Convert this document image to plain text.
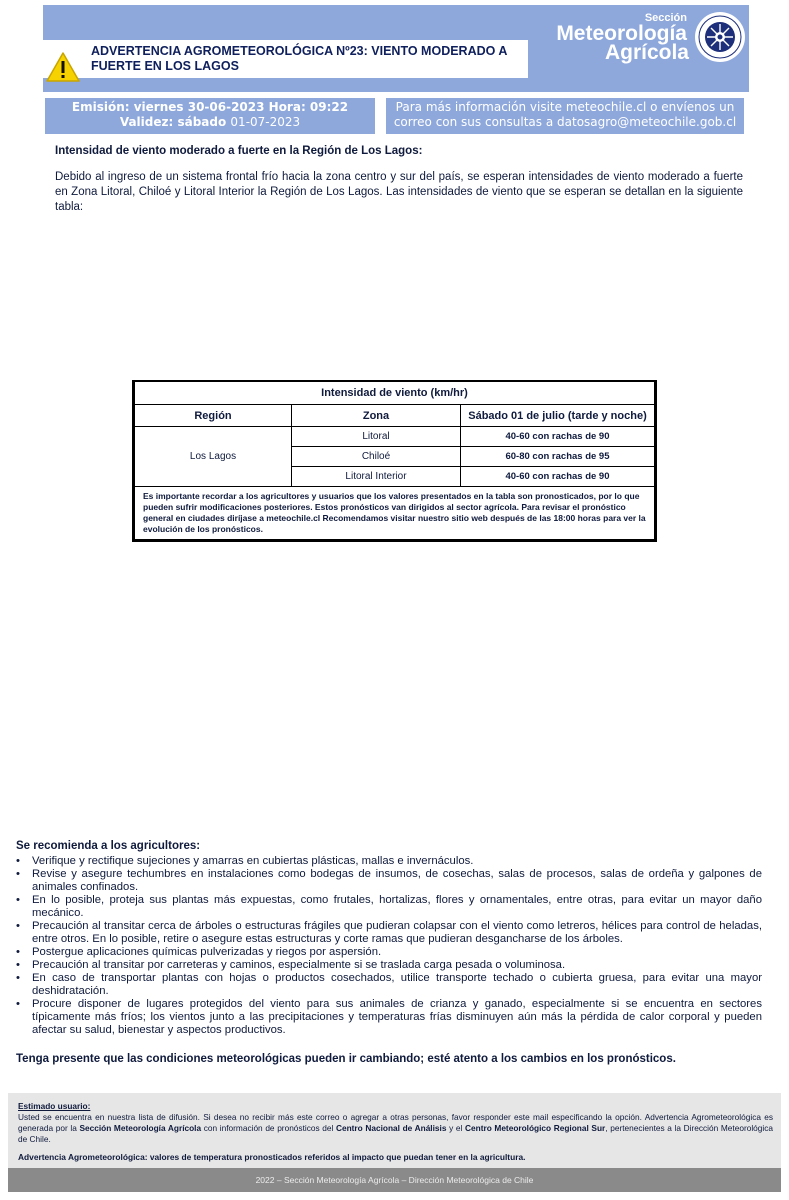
ADVERTENCIA AGROMETEOROLÓGICA Nº23: VIENTO MODERADO A FUERTE EN LOS LAGOS
Sección
Meteorología
Agrícola
Emisión: viernes 30-06-2023 Hora: 09:22
Validez: sábado 01-07-2023
Para más información visite meteochile.cl o envíenos un
correo con sus consultas a datosagro@meteochile.gob.cl
Intensidad de viento moderado a fuerte en la Región de Los Lagos:
Debido al ingreso de un sistema frontal frío hacia la zona centro y sur del país, se esperan intensidades de viento moderado a fuerte en Zona Litoral, Chiloé y Litoral Interior la Región de Los Lagos. Las intensidades de viento que se esperan se detallan en la siguiente tabla:
Intensidad de viento (km/hr)		
Región	Zona	Sábado 01 de julio (tarde y noche)
Los Lagos	Litoral	40-60 con rachas de 90
	Chiloé	60-80 con rachas de 95
	Litoral Interior	40-60 con rachas de 90
Es importante recordar a los agricultores y usuarios que los valores presentados en la tabla son pronosticados, por lo que pueden sufrir modificaciones posteriores. Estos pronósticos van dirigidos al sector agrícola. Para revisar el pronóstico general en ciudades diríjase a meteochile.cl Recomendamos visitar nuestro sitio web después de las 18:00 horas para ver la evolución de los pronósticos.		
Se recomienda a los agricultores:
• Verifique y rectifique sujeciones y amarras en cubiertas plásticas, mallas e invernáculos.
• Revise y asegure techumbres en instalaciones como bodegas de insumos, de cosechas, salas de procesos, salas de ordeña y galpones de animales confinados.
• En lo posible, proteja sus plantas más expuestas, como frutales, hortalizas, flores y ornamentales, entre otras, para evitar un mayor daño mecánico.
• Precaución al transitar cerca de árboles o estructuras frágiles que pudieran colapsar con el viento como letreros, hélices para control de heladas, entre otros. En lo posible, retire o asegure estas estructuras y corte ramas que pudieran desgancharse de los árboles.
• Postergue aplicaciones químicas pulverizadas y riegos por aspersión.
• Precaución al transitar por carreteras y caminos, especialmente si se traslada carga pesada o voluminosa.
• En caso de transportar plantas con hojas o productos cosechados, utilice transporte techado o cubierta gruesa, para evitar una mayor deshidratación.
• Procure disponer de lugares protegidos del viento para sus animales de crianza y ganado, especialmente si se encuentra en sectores típicamente más fríos; los vientos junto a las precipitaciones y temperaturas frías disminuyen aún más la pérdida de calor corporal y pueden afectar su salud, bienestar y aspectos productivos.
Tenga presente que las condiciones meteorológicas pueden ir cambiando; esté atento a los cambios en los pronósticos.
Estimado usuario:
Usted se encuentra en nuestra lista de difusión. Si desea no recibir más este correo o agregar a otras personas, favor responder este mail especificando la opción. Advertencia Agrometeorológica es generada por la Sección Meteorología Agrícola con información de pronósticos del Centro Nacional de Análisis y el Centro Meteorológico Regional Sur, pertenecientes a la Dirección Meteorológica de Chile.
Advertencia Agrometeorológica: valores de temperatura pronosticados referidos al impacto que puedan tener en la agricultura.
2022 – Sección Meteorología Agrícola – Dirección Meteorológica de Chile
